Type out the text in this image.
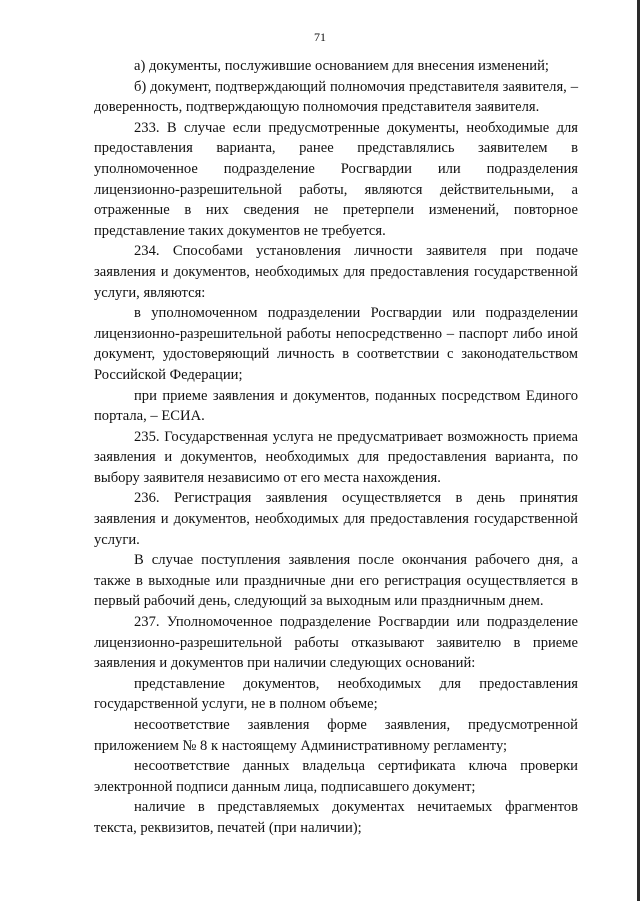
71

а) документы, послужившие основанием для внесения изменений;

б) документ, подтверждающий полномочия представителя заявителя, – доверенность, подтверждающую полномочия представителя заявителя.

233. В случае если предусмотренные документы, необходимые для предоставления варианта, ранее представлялись заявителем в уполномоченное подразделение Росгвардии или подразделения лицензионно-разрешительной работы, являются действительными, а отраженные в них сведения не претерпели изменений, повторное представление таких документов не требуется.

234. Способами установления личности заявителя при подаче заявления и документов, необходимых для предоставления государственной услуги, являются:

в уполномоченном подразделении Росгвардии или подразделении лицензионно-разрешительной работы непосредственно – паспорт либо иной документ, удостоверяющий личность в соответствии с законодательством Российской Федерации;

при приеме заявления и документов, поданных посредством Единого портала, – ЕСИА.

235. Государственная услуга не предусматривает возможность приема заявления и документов, необходимых для предоставления варианта, по выбору заявителя независимо от его места нахождения.

236. Регистрация заявления осуществляется в день принятия заявления и документов, необходимых для предоставления государственной услуги.

В случае поступления заявления после окончания рабочего дня, а также в выходные или праздничные дни его регистрация осуществляется в первый рабочий день, следующий за выходным или праздничным днем.

237. Уполномоченное подразделение Росгвардии или подразделение лицензионно-разрешительной работы отказывают заявителю в приеме заявления и документов при наличии следующих оснований:

представление документов, необходимых для предоставления государственной услуги, не в полном объеме;

несоответствие заявления форме заявления, предусмотренной приложением № 8 к настоящему Административному регламенту;

несоответствие данных владельца сертификата ключа проверки электронной подписи данным лица, подписавшего документ;

наличие в представляемых документах нечитаемых фрагментов текста, реквизитов, печатей (при наличии);
